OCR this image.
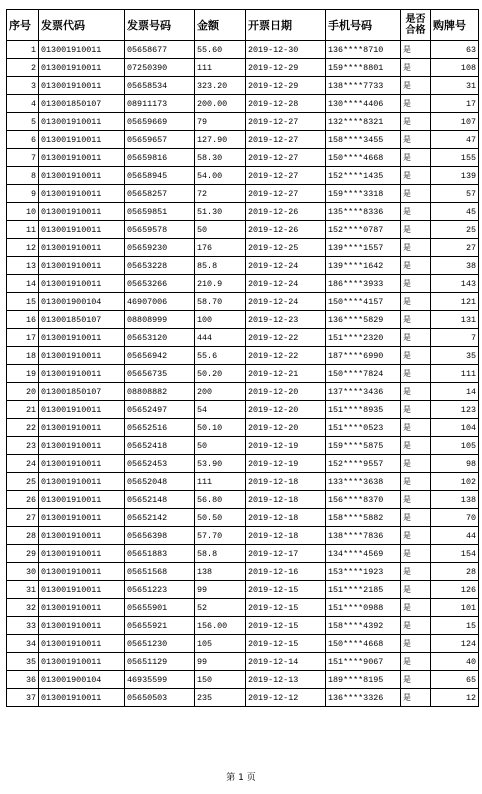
序号	发票代码	发票号码	金额	开票日期	手机号码	是否合格	购牌号
1	013001910011	05658677	55.60	2019-12-30	136****8710	是	63
2	013001910011	07250390	111	2019-12-29	159****8801	是	108
3	013001910011	05658534	323.20	2019-12-29	138****7733	是	31
4	013001850107	08911173	200.00	2019-12-28	130****4406	是	17
5	013001910011	05659669	79	2019-12-27	132****8321	是	107
6	013001910011	05659657	127.90	2019-12-27	158****3455	是	47
7	013001910011	05659816	58.30	2019-12-27	150****4668	是	155
8	013001910011	05658945	54.00	2019-12-27	152****1435	是	139
9	013001910011	05658257	72	2019-12-27	159****3318	是	57
10	013001910011	05659851	51.30	2019-12-26	135****8336	是	45
11	013001910011	05659578	50	2019-12-26	152****0787	是	25
12	013001910011	05659230	176	2019-12-25	139****1557	是	27
13	013001910011	05653228	85.8	2019-12-24	139****1642	是	38
14	013001910011	05653266	210.9	2019-12-24	186****3933	是	143
15	013001900104	46907006	58.70	2019-12-24	150****4157	是	121
16	013001850107	08808999	100	2019-12-23	136****5829	是	131
17	013001910011	05653120	444	2019-12-22	151****2320	是	7
18	013001910011	05656942	55.6	2019-12-22	187****6990	是	35
19	013001910011	05656735	50.20	2019-12-21	150****7824	是	111
20	013001850107	08808882	200	2019-12-20	137****3436	是	14
21	013001910011	05652497	54	2019-12-20	151****8935	是	123
22	013001910011	05652516	50.10	2019-12-20	151****0523	是	104
23	013001910011	05652418	50	2019-12-19	159****5875	是	105
24	013001910011	05652453	53.90	2019-12-19	152****9557	是	98
25	013001910011	05652048	111	2019-12-18	133****3638	是	102
26	013001910011	05652148	56.80	2019-12-18	156****8370	是	138
27	013001910011	05652142	50.50	2019-12-18	158****5882	是	70
28	013001910011	05656398	57.70	2019-12-18	138****7836	是	44
29	013001910011	05651883	58.8	2019-12-17	134****4569	是	154
30	013001910011	05651568	138	2019-12-16	153****1923	是	28
31	013001910011	05651223	99	2019-12-15	151****2185	是	126
32	013001910011	05655901	52	2019-12-15	151****0988	是	101
33	013001910011	05655921	156.00	2019-12-15	158****4392	是	15
34	013001910011	05651230	105	2019-12-15	150****4668	是	124
35	013001910011	05651129	99	2019-12-14	151****9067	是	40
36	013001900104	46935599	150	2019-12-13	189****8195	是	65
37	013001910011	05650503	235	2019-12-12	136****3326	是	12
第 1 页
